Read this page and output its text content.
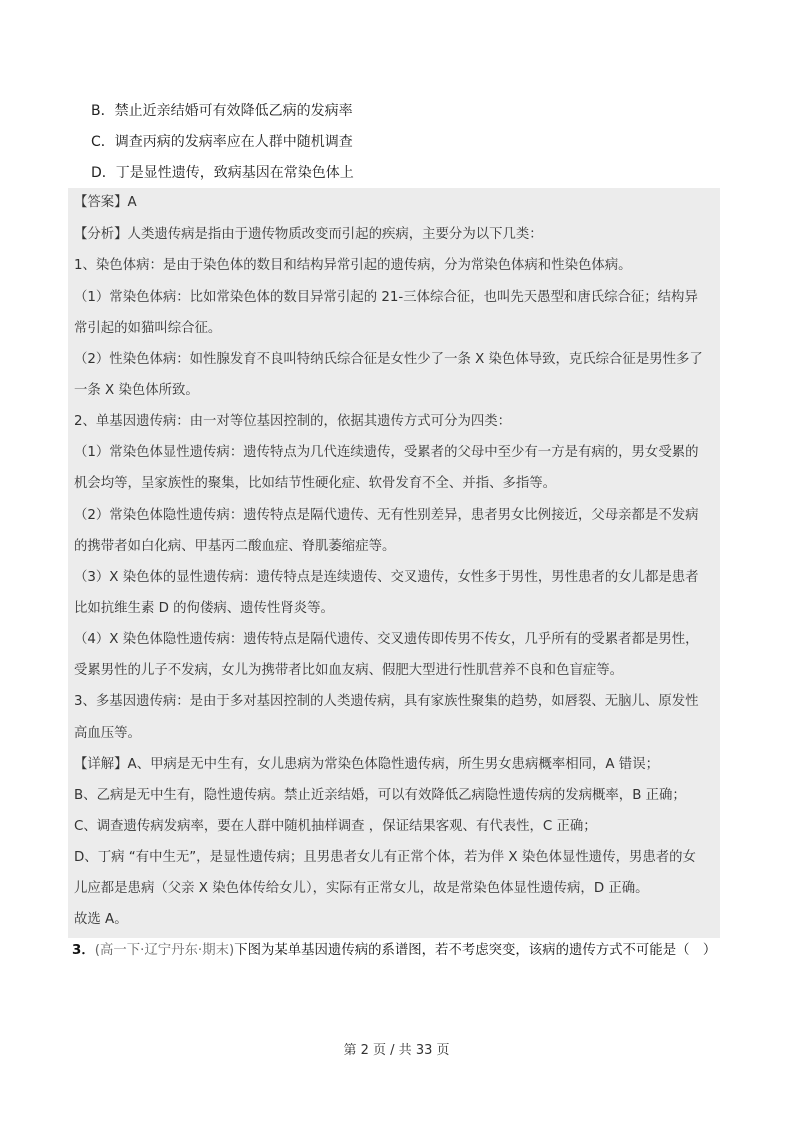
B．禁止近亲结婚可有效降低乙病的发病率
C．调查丙病的发病率应在人群中随机调查
D．丁是显性遗传，致病基因在常染色体上
【答案】A
【分析】人类遗传病是指由于遗传物质改变而引起的疾病，主要分为以下几类：
1、染色体病：是由于染色体的数目和结构异常引起的遗传病，分为常染色体病和性染色体病。
（1）常染色体病：比如常染色体的数目异常引起的 21-三体综合征，也叫先天愚型和唐氏综合征；结构异
常引起的如猫叫综合征。
（2）性染色体病：如性腺发育不良叫特纳氏综合征是女性少了一条 X 染色体导致，克氏综合征是男性多了
一条 X 染色体所致。
2、单基因遗传病：由一对等位基因控制的，依据其遗传方式可分为四类：
（1）常染色体显性遗传病：遗传特点为几代连续遗传，受累者的父母中至少有一方是有病的，男女受累的
机会均等，呈家族性的聚集，比如结节性硬化症、软骨发育不全、并指、多指等。
（2）常染色体隐性遗传病：遗传特点是隔代遗传、无有性别差异，患者男女比例接近，父母亲都是不发病
的携带者如白化病、甲基丙二酸血症、脊肌萎缩症等。
（3）X 染色体的显性遗传病：遗传特点是连续遗传、交叉遗传，女性多于男性，男性患者的女儿都是患者
比如抗维生素 D 的佝偻病、遗传性肾炎等。
（4）X 染色体隐性遗传病：遗传特点是隔代遗传、交叉遗传即传男不传女，几乎所有的受累者都是男性，
受累男性的儿子不发病，女儿为携带者比如血友病、假肥大型进行性肌营养不良和色盲症等。
3、多基因遗传病：是由于多对基因控制的人类遗传病，具有家族性聚集的趋势，如唇裂、无脑儿、原发性
高血压等。
【详解】A、甲病是无中生有，女儿患病为常染色体隐性遗传病，所生男女患病概率相同，A 错误；
B、乙病是无中生有，隐性遗传病。禁止近亲结婚，可以有效降低乙病隐性遗传病的发病概率，B 正确；
C、调查遗传病发病率，要在人群中随机抽样调查 ，保证结果客观、有代表性，C 正确；
D、丁病 “有中生无”，是显性遗传病；且男患者女儿有正常个体，若为伴 X 染色体显性遗传，男患者的女
儿应都是患病（父亲 X 染色体传给女儿），实际有正常女儿，故是常染色体显性遗传病，D 正确。
故选 A。
3．(高一下·辽宁丹东·期末)下图为某单基因遗传病的系谱图，若不考虑突变，该病的遗传方式不可能是（　）
第 2 页 / 共 33 页
